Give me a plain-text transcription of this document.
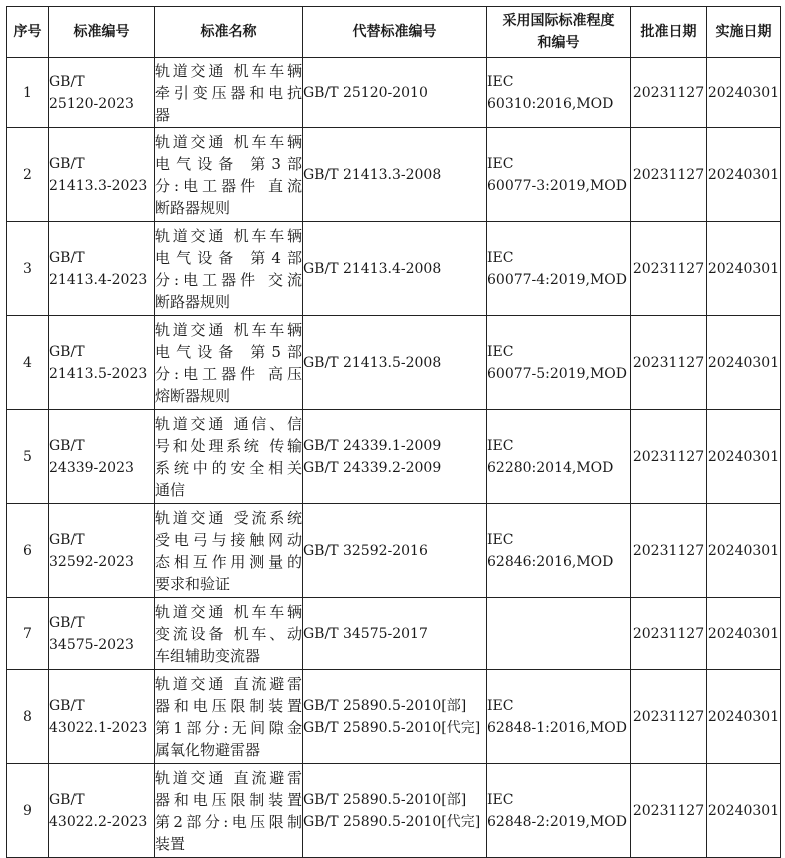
序号	标准编号	标准名称	代替标准编号	采用国际标准程度
和编号	批准日期	实施日期
1	GB/T
25120-2023	轨道交通 机车车辆
牵引变压器和电抗
器	GB/T 25120-2010	IEC
60310:2016,MOD	20231127	20240301
2	GB/T
21413.3-2023	轨道交通 机车车辆
电气设备 第3部
分:电工器件 直流
断路器规则	GB/T 21413.3-2008	IEC
60077-3:2019,MOD	20231127	20240301
3	GB/T
21413.4-2023	轨道交通 机车车辆
电气设备 第4部
分:电工器件 交流
断路器规则	GB/T 21413.4-2008	IEC
60077-4:2019,MOD	20231127	20240301
4	GB/T
21413.5-2023	轨道交通 机车车辆
电气设备 第5部
分:电工器件 高压
熔断器规则	GB/T 21413.5-2008	IEC
60077-5:2019,MOD	20231127	20240301
5	GB/T
24339-2023	轨道交通 通信、信
号和处理系统 传输
系统中的安全相关
通信	GB/T 24339.1-2009
GB/T 24339.2-2009	IEC
62280:2014,MOD	20231127	20240301
6	GB/T
32592-2023	轨道交通 受流系统
受电弓与接触网动
态相互作用测量的
要求和验证	GB/T 32592-2016	IEC
62846:2016,MOD	20231127	20240301
7	GB/T
34575-2023	轨道交通 机车车辆
变流设备 机车、动
车组辅助变流器	GB/T 34575-2017		20231127	20240301
8	GB/T
43022.1-2023	轨道交通 直流避雷
器和电压限制装置
第1部分:无间隙金
属氧化物避雷器	GB/T 25890.5-2010[部]
GB/T 25890.5-2010[代完]	IEC
62848-1:2016,MOD	20231127	20240301
9	GB/T
43022.2-2023	轨道交通 直流避雷
器和电压限制装置
第2部分:电压限制
装置	GB/T 25890.5-2010[部]
GB/T 25890.5-2010[代完]	IEC
62848-2:2019,MOD	20231127	20240301
